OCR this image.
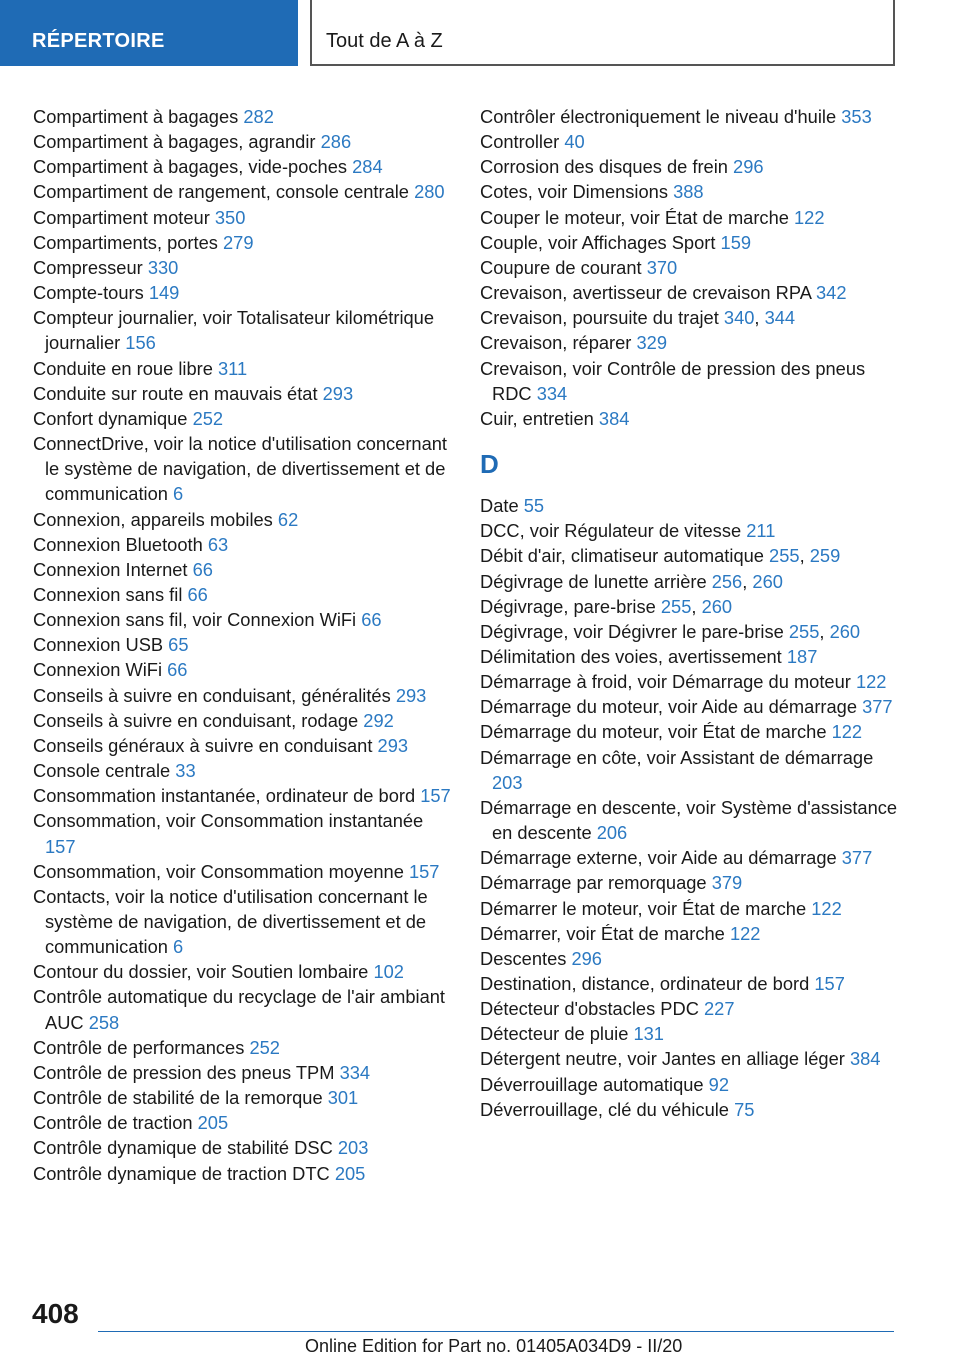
RÉPERTOIRE	Tout de A à Z
Compartiment à bagages 282
Compartiment à bagages, agrandir 286
Compartiment à bagages, vide-poches 284
Compartiment de rangement, console centrale 280
Compartiment moteur 350
Compartiments, portes 279
Compresseur 330
Compte-tours 149
Compteur journalier, voir Totalisateur kilométrique journalier 156
Conduite en roue libre 311
Conduite sur route en mauvais état 293
Confort dynamique 252
ConnectDrive, voir la notice d'utilisation concernant le système de navigation, de divertissement et de communication 6
Connexion, appareils mobiles 62
Connexion Bluetooth 63
Connexion Internet 66
Connexion sans fil 66
Connexion sans fil, voir Connexion WiFi 66
Connexion USB 65
Connexion WiFi 66
Conseils à suivre en conduisant, généralités 293
Conseils à suivre en conduisant, rodage 292
Conseils généraux à suivre en conduisant 293
Console centrale 33
Consommation instantanée, ordinateur de bord 157
Consommation, voir Consommation instantanée 157
Consommation, voir Consommation moyenne 157
Contacts, voir la notice d'utilisation concernant le système de navigation, de divertissement et de communication 6
Contour du dossier, voir Soutien lombaire 102
Contrôle automatique du recyclage de l'air ambiant AUC 258
Contrôle de performances 252
Contrôle de pression des pneus TPM 334
Contrôle de stabilité de la remorque 301
Contrôle de traction 205
Contrôle dynamique de stabilité DSC 203
Contrôle dynamique de traction DTC 205
Contrôler électroniquement le niveau d'huile 353
Controller 40
Corrosion des disques de frein 296
Cotes, voir Dimensions 388
Couper le moteur, voir État de marche 122
Couple, voir Affichages Sport 159
Coupure de courant 370
Crevaison, avertisseur de crevaison RPA 342
Crevaison, poursuite du trajet 340, 344
Crevaison, réparer 329
Crevaison, voir Contrôle de pression des pneus RDC 334
Cuir, entretien 384
D
Date 55
DCC, voir Régulateur de vitesse 211
Débit d'air, climatiseur automatique 255, 259
Dégivrage de lunette arrière 256, 260
Dégivrage, pare-brise 255, 260
Dégivrage, voir Dégivrer le pare-brise 255, 260
Délimitation des voies, avertissement 187
Démarrage à froid, voir Démarrage du moteur 122
Démarrage du moteur, voir Aide au démarrage 377
Démarrage du moteur, voir État de marche 122
Démarrage en côte, voir Assistant de démarrage 203
Démarrage en descente, voir Système d'assistance en descente 206
Démarrage externe, voir Aide au démarrage 377
Démarrage par remorquage 379
Démarrer le moteur, voir État de marche 122
Démarrer, voir État de marche 122
Descentes 296
Destination, distance, ordinateur de bord 157
Détecteur d'obstacles PDC 227
Détecteur de pluie 131
Détergent neutre, voir Jantes en alliage léger 384
Déverrouillage automatique 92
Déverrouillage, clé du véhicule 75
408
Online Edition for Part no. 01405A034D9 - II/20
